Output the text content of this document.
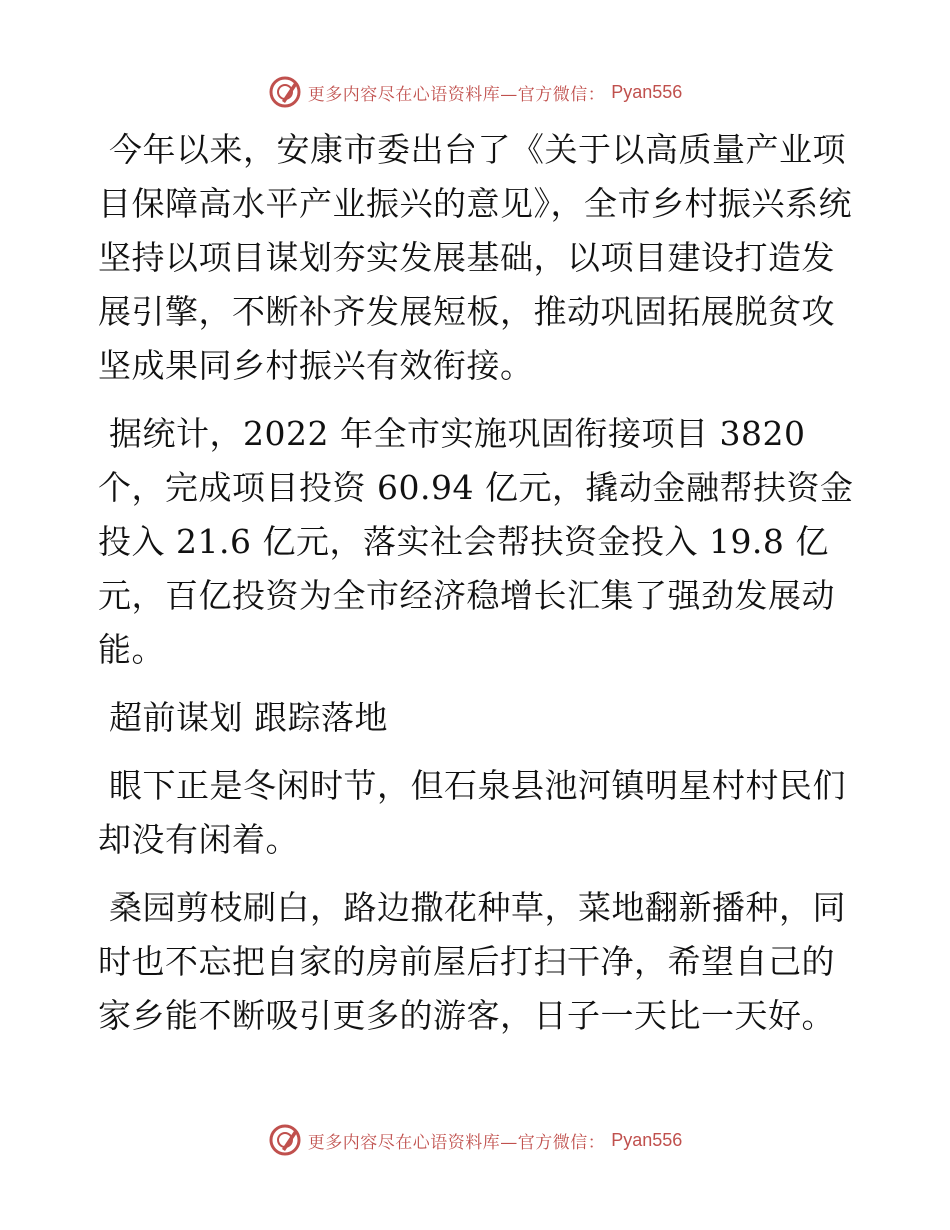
更多内容尽在心语资料库—官方微信： Pyan556

今年以来，安康市委出台了《关于以高质量产业项目保障高水平产业振兴的意见》，全市乡村振兴系统坚持以项目谋划夯实发展基础，以项目建设打造发展引擎，不断补齐发展短板，推动巩固拓展脱贫攻坚成果同乡村振兴有效衔接。

据统计，2022 年全市实施巩固衔接项目 3820 个，完成项目投资 60.94 亿元，撬动金融帮扶资金投入 21.6 亿元，落实社会帮扶资金投入 19.8 亿元，百亿投资为全市经济稳增长汇集了强劲发展动能。

超前谋划 跟踪落地

眼下正是冬闲时节，但石泉县池河镇明星村村民们却没有闲着。

桑园剪枝刷白，路边撒花种草，菜地翻新播种，同时也不忘把自家的房前屋后打扫干净，希望自己的家乡能不断吸引更多的游客，日子一天比一天好。

更多内容尽在心语资料库—官方微信： Pyan556
